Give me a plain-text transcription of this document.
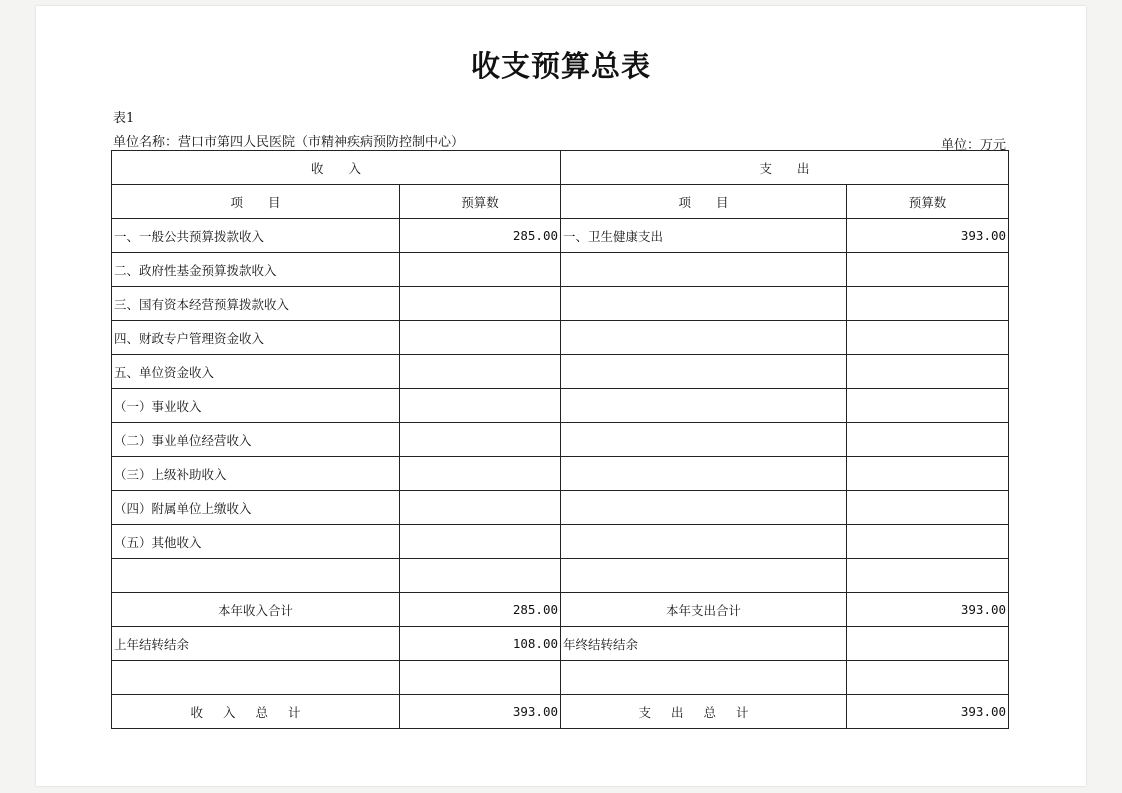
收支预算总表
表1
单位名称：营口市第四人民医院（市精神疾病预防控制中心）	单位：万元
收　　入		支　　出	
项　　目	预算数	项　　目	预算数
一、一般公共预算拨款收入	285.00	一、卫生健康支出	393.00
二、政府性基金预算拨款收入			
三、国有资本经营预算拨款收入			
四、财政专户管理资金收入			
五、单位资金收入			
（一）事业收入			
（二）事业单位经营收入			
（三）上级补助收入			
（四）附属单位上缴收入			
（五）其他收入			

本年收入合计	285.00	本年支出合计	393.00
上年结转结余	108.00	年终结转结余	

收入总计	393.00	支出总计	393.00
